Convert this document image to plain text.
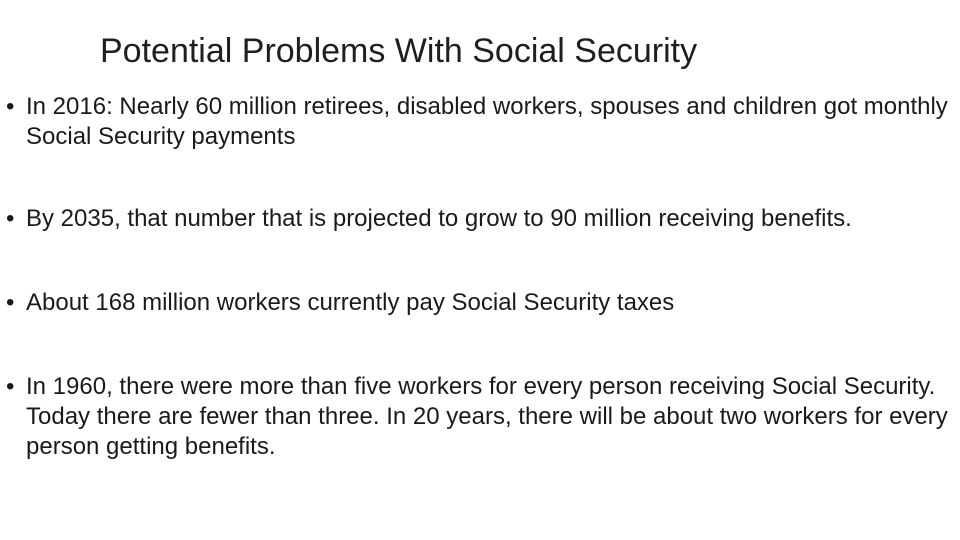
Potential Problems With Social Security
• In 2016: Nearly 60 million retirees, disabled workers, spouses and children got monthly Social Security payments
• By 2035, that number that is projected to grow to 90 million receiving benefits.
• About 168 million workers currently pay Social Security taxes
• In 1960, there were more than five workers for every person receiving Social Security. Today there are fewer than three. In 20 years, there will be about two workers for every person getting benefits.
